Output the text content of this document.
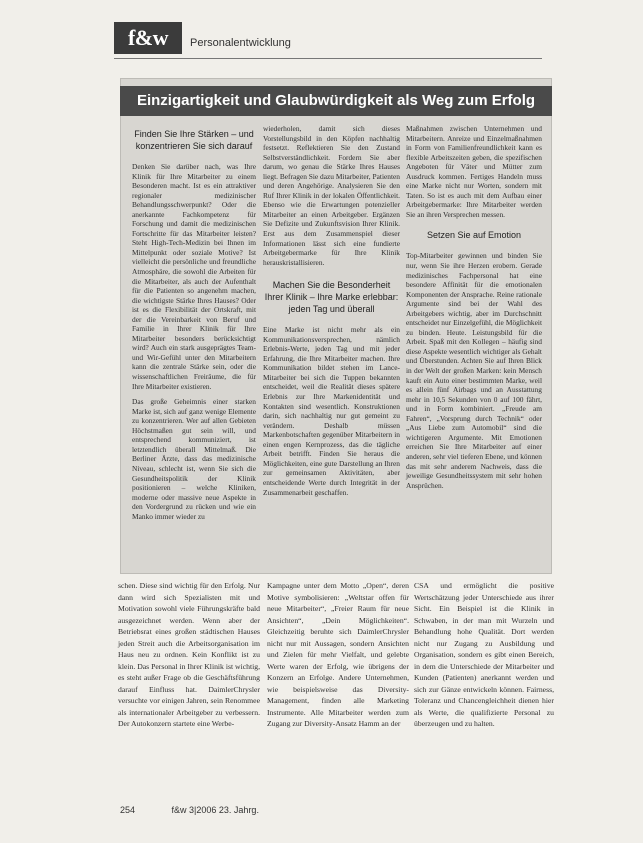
f&w	Personalentwicklung
Einzigartigkeit und Glaubwürdigkeit als Weg zum Erfolg
Finden Sie Ihre Stärken – und konzentrieren Sie sich darauf

Denken Sie darüber nach, was Ihre Klinik für Ihre Mitarbeiter zu einem Besonderen macht. Ist es ein attraktiver regionaler medizinischer Behandlungsschwerpunkt? Oder die anerkannte Fachkompetenz für Forschung und damit die medizinischen Fortschritte für das Mitarbeiter leisten? Steht High-Tech-Medizin bei Ihnen im Mittelpunkt oder soziale Motive? Ist vielleicht die persönliche und freundliche Atmosphäre, die sowohl die Arbeiten für die Mitarbeiter, als auch der Aufenthalt für die Patienten so angenehm machen, die wichtigste Stärke Ihres Hauses? Oder ist es die Flexibilität der Ortskraft, mit der die Vereinbarkeit von Beruf und Familie in Ihrer Klinik für Ihre Mitarbeiter besonders berücksichtigt wird? Auch ein stark ausgeprägtes Team- und Wir-Gefühl unter den Mitarbeitern kann die zentrale Stärke sein, oder die wissenschaftlichen Freiräume, die für Ihre Mitarbeiter existieren.

Das große Geheimnis einer starken Marke ist, sich auf ganz wenige Elemente zu konzentrieren. Wer auf allen Gebieten Höchstmaßen gut sein will, und entsprechend kommuniziert, ist letztendlich überall Mittelmaß. Die Berliner Ärzte, dass das medizinische Niveau, schlecht ist, wenn Sie sich die Gesundheitspolitik der Klinik positionieren – welche Kliniken, moderne oder massive neue Aspekte in den Vordergrund zu rücken und wie ein Manko immer wieder zu

wiederholen, damit sich dieses Vorstellungsbild in den Köpfen nachhaltig festsetzt. Reflektieren Sie den Zustand Selbstverständlichkeit. Fordern Sie aber darum, wo genau die Stärke Ihres Hauses liegt. Befragen Sie dazu Mitarbeiter, Patienten und deren Angehörige. Analysieren Sie den Ruf Ihrer Klinik in der lokalen Öffentlichkeit. Ebenso wie die Erwartungen potenzieller Mitarbeiter an einen Arbeitgeber. Ergänzen Sie Defizite und Zukunftsvision Ihrer Klinik. Erst aus dem Zusammenspiel dieser Informationen lässt sich eine fundierte Arbeitgebermarke für Ihre Klinik herauskristallisieren.

Machen Sie die Besonderheit Ihrer Klinik – Ihre Marke erlebbar: jeden Tag und überall

Eine Marke ist nicht mehr als ein Kommunikationsversprechen, nämlich Erlebnis-Werte, jeden Tag und mit jeder Erfahrung, die Ihre Mitarbeiter machen. Ihre Kommunikation bildet stehen im Lance-Mitarbeiter bei sich die Tuppen bekannten entscheidet, weil die Realität dieses spätere Erlebnis zur Ihre Markenidentität und Kontakten sind wesentlich. Konstruktionen darin, sich nachhaltig nur gut gemeint zu verändern. Deshalb müssen Markenbotschaften gegenüber Mitarbeitern in einen engen Kernprozess, das die tägliche Arbeit betrifft. Finden Sie heraus die Möglichkeiten, eine gute Darstellung an Ihren zur gemeinsamen Aktivitäten, aber entscheidende Werte durch Integrität in der Zusammenarbeit geschaffen.

Maßnahmen zwischen Unternehmen und Mitarbeitern. Anreize und Einzelmaßnahmen in Form von Familienfreundlichkeit kann es flexible Arbeitszeiten geben, die spezifischen Angeboten für Väter und Mütter zum Ausdruck kommen. Fertiges Handeln muss eine Marke nicht nur Worten, sondern mit Taten. So ist es auch mit dem Aufbau einer Arbeitgebermarke: Ihre Mitarbeiter werden Sie an ihren Versprechen messen.

Setzen Sie auf Emotion

Top-Mitarbeiter gewinnen und binden Sie nur, wenn Sie ihre Herzen erobern. Gerade medizinisches Fachpersonal hat eine besondere Affinität für die emotionalen Komponenten der Ansprache. Reine rationale Argumente sind bei der Wahl des Arbeitgebers wichtig, aber im Durchschnitt entscheidet nur Einzelgefühl, die Möglichkeit zu binden. Heute. Leistungsbild für die Arbeit. Spaß mit den Kollegen – häufig sind diese Aspekte wesentlich wichtiger als Gehalt und Überstunden. Achten Sie auf Ihren Blick in der Welt der großen Marken: kein Mensch kauft ein Auto einer bestimmten Marke, weil es allein fünf Airbags und an Ausstattung mehr in 10,5 Sekunden von 0 auf 100 fährt, und in Form kombiniert. „Freude am Fahren“, „Vorsprung durch Technik“ oder „Aus Liebe zum Automobil“ sind die wichtigeren Argumente. Mit Emotionen erreichen Sie Ihre Mitarbeiter auf einer anderen, sehr viel tieferen Ebene, und können das mit sehr anderem Nachweis, dass die jeweilige Gesundheitssystem mit sehr hohen Ansprüchen.

schen. Diese sind wichtig für den Erfolg. Nur dann wird sich Spezialisten mit und Motivation sowohl viele Führungskräfte bald ausgezeichnet werden. Wenn aber der Betriebsrat eines großen städtischen Hauses jeden Streit auch die Arbeitsorganisation im Haus neu zu ordnen. Kein Konflikt ist zu klein. Das Personal in Ihrer Klinik ist wichtig, es steht außer Frage ob die Geschäftsführung darauf Einfluss hat. DaimlerChrysler versuchte vor einigen Jahren, sein Renommee als internationaler Arbeitgeber zu verbessern. Der Autokonzern startete eine Werbe-
Kampagne unter dem Motto „Open“, deren Motive symbolisieren: „Weltstar offen für neue Mitarbeiter“, „Freier Raum für neue Ansichten“, „Dein Möglichkeiten“. Gleichzeitig beruhte sich DaimlerChrysler nicht nur mit Aussagen, sondern Ansichten und Zielen für mehr Vielfalt, und gelebte Werte waren der Erfolg, wie übrigens der Konzern an Erfolge. Andere Unternehmen, wie beispielsweise das Diversity-Management, finden alle Marketing Instrumente. Alle Mitarbeiter werden zum Zugang zur Diversity-Ansatz Hamm an der
CSA und ermöglicht die positive Wertschätzung jeder Unterschiede aus ihrer Sicht. Ein Beispiel ist die Klinik in Schwaben, in der man mit Wurzeln und Behandlung hohe Qualität. Dort werden nicht nur Zugang zu Ausbildung und Organisation, sondern es gibt einen Bereich, in dem die Unterschiede der Mitarbeiter und Kunden (Patienten) anerkannt werden und sich zur Gänze entwickeln können. Fairness, Toleranz und Chancengleichheit dienen hier als Werte, die qualifizierte Personal zu überzeugen und zu halten.
254	f&w 3|2006 23. Jahrg.
